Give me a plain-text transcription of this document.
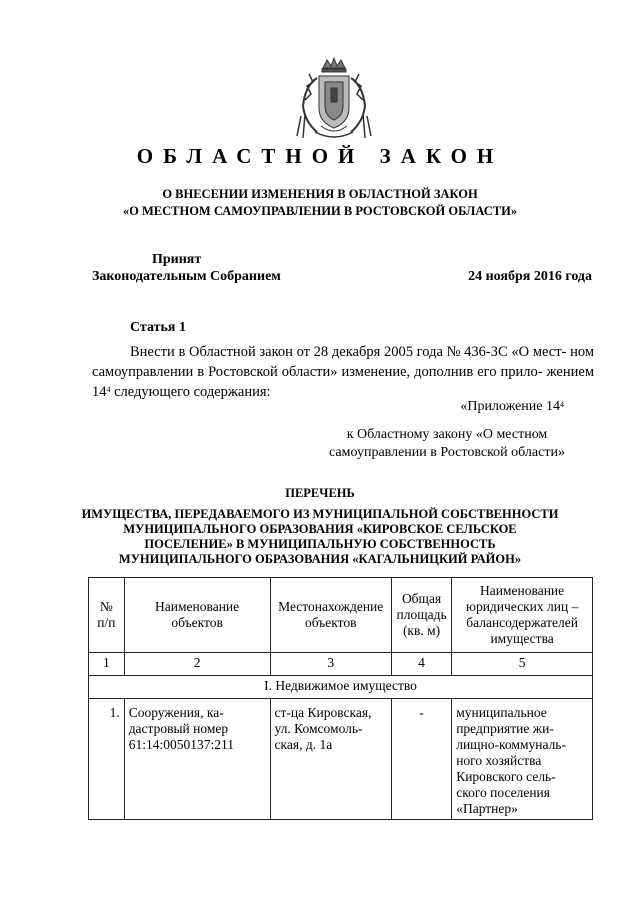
ОБЛАСТНОЙ ЗАКОН
О ВНЕСЕНИИ ИЗМЕНЕНИЯ В ОБЛАСТНОЙ ЗАКОН
«О МЕСТНОМ САМОУПРАВЛЕНИИ В РОСТОВСКОЙ ОБЛАСТИ»
Принят
Законодательным Собранием	24 ноября 2016 года
Статья 1

Внести в Областной закон от 28 декабря 2005 года № 436-ЗС «О мест- ном самоуправлении в Ростовской области» изменение, дополнив его прило- жением $14^4$ следующего содержания:

«Приложение $14^4$
к Областному закону «О местном
самоуправлении в Ростовской области»
ПЕРЕЧЕНЬ
ИМУЩЕСТВА, ПЕРЕДАВАЕМОГО ИЗ МУНИЦИПАЛЬНОЙ СОБСТВЕННОСТИ
МУНИЦИПАЛЬНОГО ОБРАЗОВАНИЯ «КИРОВСКОЕ СЕЛЬСКОЕ
ПОСЕЛЕНИЕ» В МУНИЦИПАЛЬНУЮ СОБСТВЕННОСТЬ
МУНИЦИПАЛЬНОГО ОБРАЗОВАНИЯ «КАГАЛЬНИЦКИЙ РАЙОН»
№ п/п	Наименование объектов	Местонахождение объектов	Общая площадь (кв. м)	Наименование юридических лиц – балансодержателей имущества
1	2	3	4	5
I. Недвижимое имущество				
1.	Сооружения, ка- дастровый номер 61:14:0050137:211	ст-ца Кировская, ул. Комсомоль- ская, д. 1а	-	муниципальное предприятие жи- лищно-коммуналь- ного хозяйства Кировского сель- ского поселения «Партнер»
